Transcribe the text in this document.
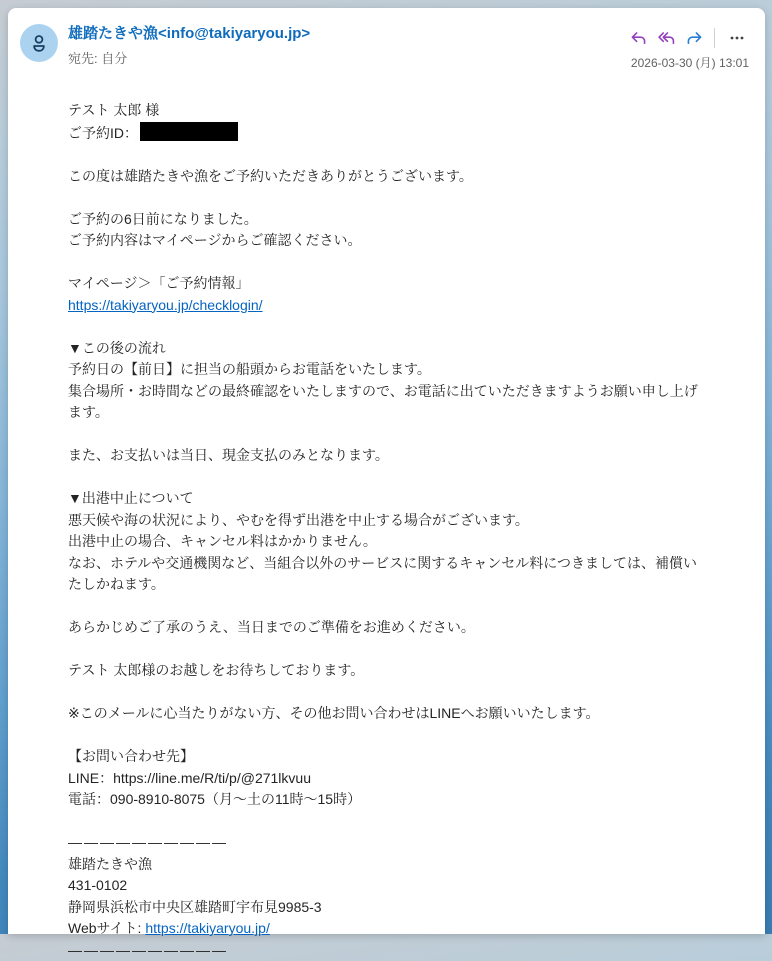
雄踏たきや漁<info@takiyaryou.jp>
宛先: 自分	2026-03-30 (月) 13:01
テスト 太郎 様
ご予約ID：
この度は雄踏たきや漁をご予約いただきありがとうございます。
ご予約の6日前になりました。
ご予約内容はマイページからご確認ください。
マイページ＞「ご予約情報」
https://takiyaryou.jp/checklogin/
▼この後の流れ
予約日の【前日】に担当の船頭からお電話をいたします。
集合場所・お時間などの最終確認をいたしますので、お電話に出ていただきますようお願い申し上げ
ます。
また、お支払いは当日、現金支払のみとなります。
▼出港中止について
悪天候や海の状況により、やむを得ず出港を中止する場合がございます。
出港中止の場合、キャンセル料はかかりません。
なお、ホテルや交通機関など、当組合以外のサービスに関するキャンセル料につきましては、補償い
たしかねます。
あらかじめご了承のうえ、当日までのご準備をお進めください。
テスト 太郎様のお越しをお待ちしております。
※このメールに心当たりがない方、その他お問い合わせはLINEへお願いいたします。
【お問い合わせ先】
LINE：https://line.me/R/ti/p/@271lkvuu
電話：090-8910-8075（月～土の11時～15時）
――――――――――
雄踏たきや漁
431-0102
静岡県浜松市中央区雄踏町宇布見9985-3
Webサイト: https://takiyaryou.jp/
――――――――――
